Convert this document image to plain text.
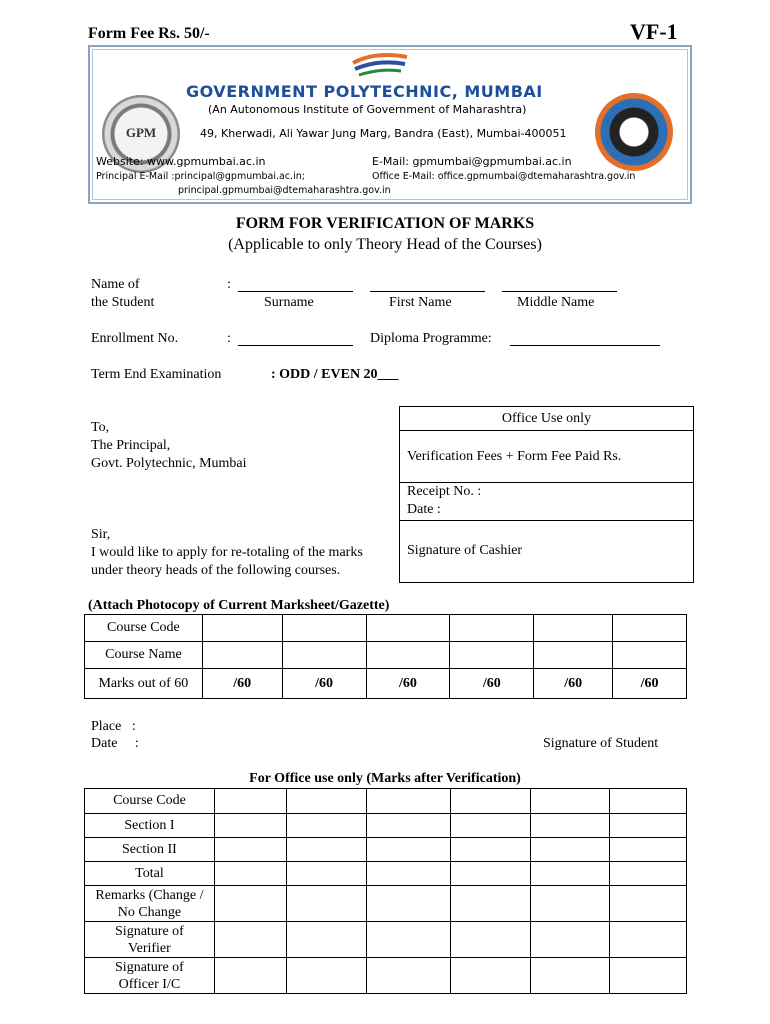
Form Fee Rs. 50/-	VF-1
GPM	⚙
GOVERNMENT POLYTECHNIC, MUMBAI
(An Autonomous Institute of Government of Maharashtra)
49, Kherwadi, Ali Yawar Jung Marg, Bandra (East), Mumbai-400051
Website: www.gpmumbai.ac.in	E-Mail: gpmumbai@gpmumbai.ac.in
Principal E-Mail :principal@gpmumbai.ac.in;	Office E-Mail: office.gpmumbai@dtemaharashtra.gov.in
principal.gpmumbai@dtemaharashtra.gov.in
FORM FOR VERIFICATION OF MARKS
(Applicable to only Theory Head of the Courses)
Name of
the Student
:
Surname	First Name	Middle Name
Enrollment No.	:	Diploma Programme:
Term End Examination	: ODD / EVEN 20___
To,
The Principal,
Govt. Polytechnic, Mumbai
Sir,
I would like to apply for re-totaling of the marks
under theory heads of the following courses.
Office Use only
Verification Fees + Form Fee Paid Rs.
Receipt No. :
Date :
Signature of Cashier
(Attach Photocopy of Current Marksheet/Gazette)
Course Code						
Course Name						
Marks out of 60	/60	/60	/60	/60	/60	/60
Place   :
Date     :	Signature of Student
For Office use only (Marks after Verification)
Course Code						
Section I						
Section II						
Total						

Remarks (Change /
No Change						

Signature of
Verifier						

Signature of
Officer I/C						
